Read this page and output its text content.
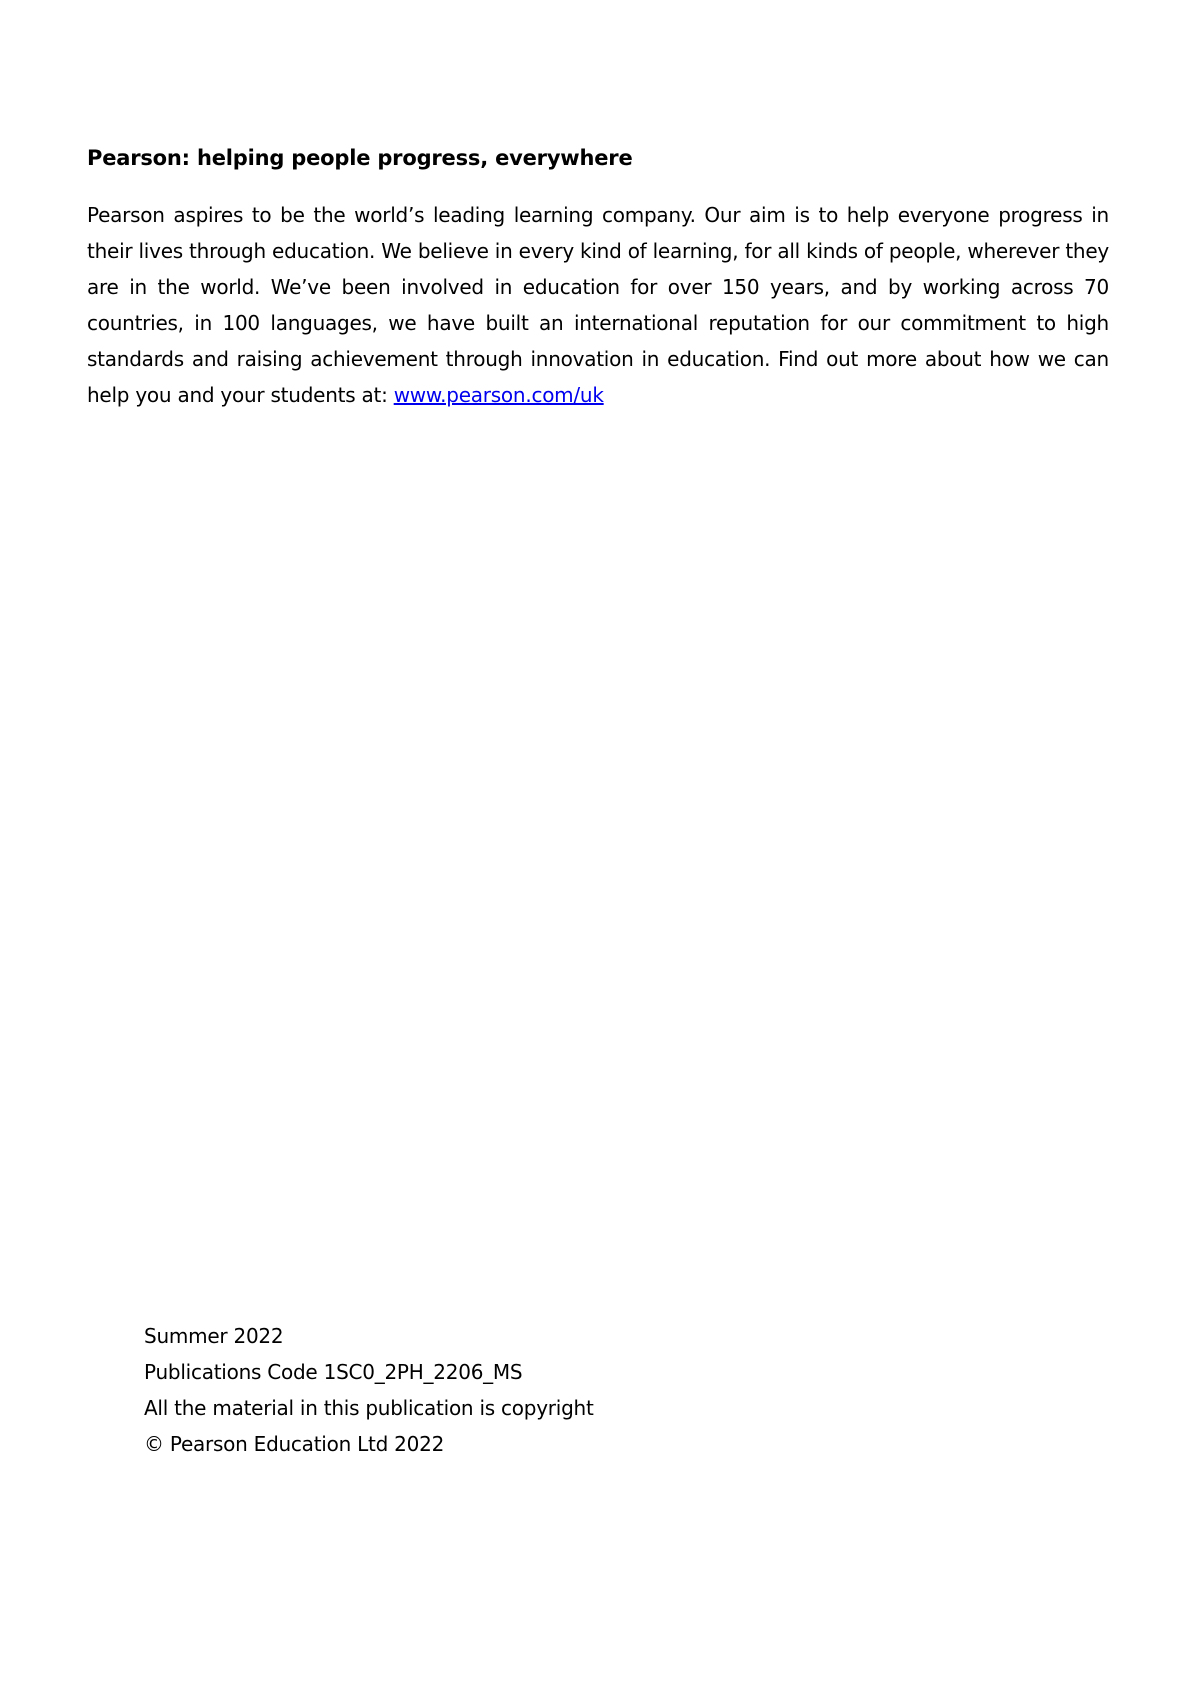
Pearson: helping people progress, everywhere

Pearson aspires to be the world’s leading learning company. Our aim is to help everyone progress in their lives through education. We believe in every kind of learning, for all kinds of people, wherever they are in the world. We’ve been involved in education for over 150 years, and by working across 70 countries, in 100 languages, we have built an international reputation for our commitment to high standards and raising achievement through innovation in education. Find out more about how we can help you and your students at: www.pearson.com/uk

Summer 2022
Publications Code 1SC0_2PH_2206_MS
All the material in this publication is copyright
© Pearson Education Ltd 2022
